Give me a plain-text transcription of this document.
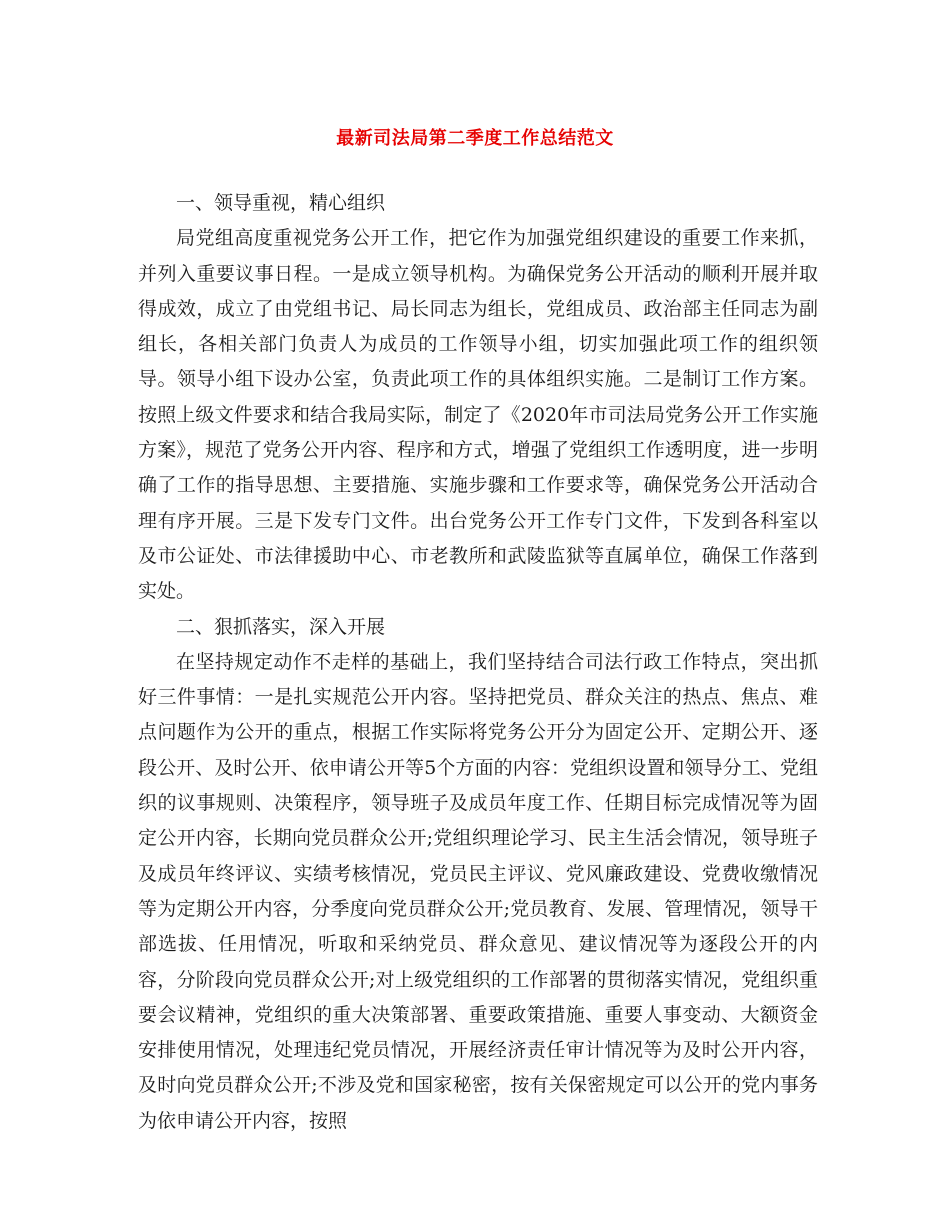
最新司法局第二季度工作总结范文

一、领导重视，精心组织

局党组高度重视党务公开工作，把它作为加强党组织建设的重要工作来抓，并列入重要议事日程。一是成立领导机构。为确保党务公开活动的顺利开展并取得成效，成立了由党组书记、局长同志为组长，党组成员、政治部主任同志为副组长，各相关部门负责人为成员的工作领导小组，切实加强此项工作的组织领导。领导小组下设办公室，负责此项工作的具体组织实施。二是制订工作方案。按照上级文件要求和结合我局实际，制定了《2020年市司法局党务公开工作实施方案》，规范了党务公开内容、程序和方式，增强了党组织工作透明度，进一步明确了工作的指导思想、主要措施、实施步骤和工作要求等，确保党务公开活动合理有序开展。三是下发专门文件。出台党务公开工作专门文件，下发到各科室以及市公证处、市法律援助中心、市老教所和武陵监狱等直属单位，确保工作落到实处。

二、狠抓落实，深入开展

在坚持规定动作不走样的基础上，我们坚持结合司法行政工作特点，突出抓好三件事情：一是扎实规范公开内容。坚持把党员、群众关注的热点、焦点、难点问题作为公开的重点，根据工作实际将党务公开分为固定公开、定期公开、逐段公开、及时公开、依申请公开等5个方面的内容：党组织设置和领导分工、党组织的议事规则、决策程序，领导班子及成员年度工作、任期目标完成情况等为固定公开内容，长期向党员群众公开;党组织理论学习、民主生活会情况，领导班子及成员年终评议、实绩考核情况，党员民主评议、党风廉政建设、党费收缴情况等为定期公开内容，分季度向党员群众公开;党员教育、发展、管理情况，领导干部选拔、任用情况，听取和采纳党员、群众意见、建议情况等为逐段公开的内容，分阶段向党员群众公开;对上级党组织的工作部署的贯彻落实情况，党组织重要会议精神，党组织的重大决策部署、重要政策措施、重要人事变动、大额资金安排使用情况，处理违纪党员情况，开展经济责任审计情况等为及时公开内容，及时向党员群众公开;不涉及党和国家秘密，按有关保密规定可以公开的党内事务为依申请公开内容，按照
